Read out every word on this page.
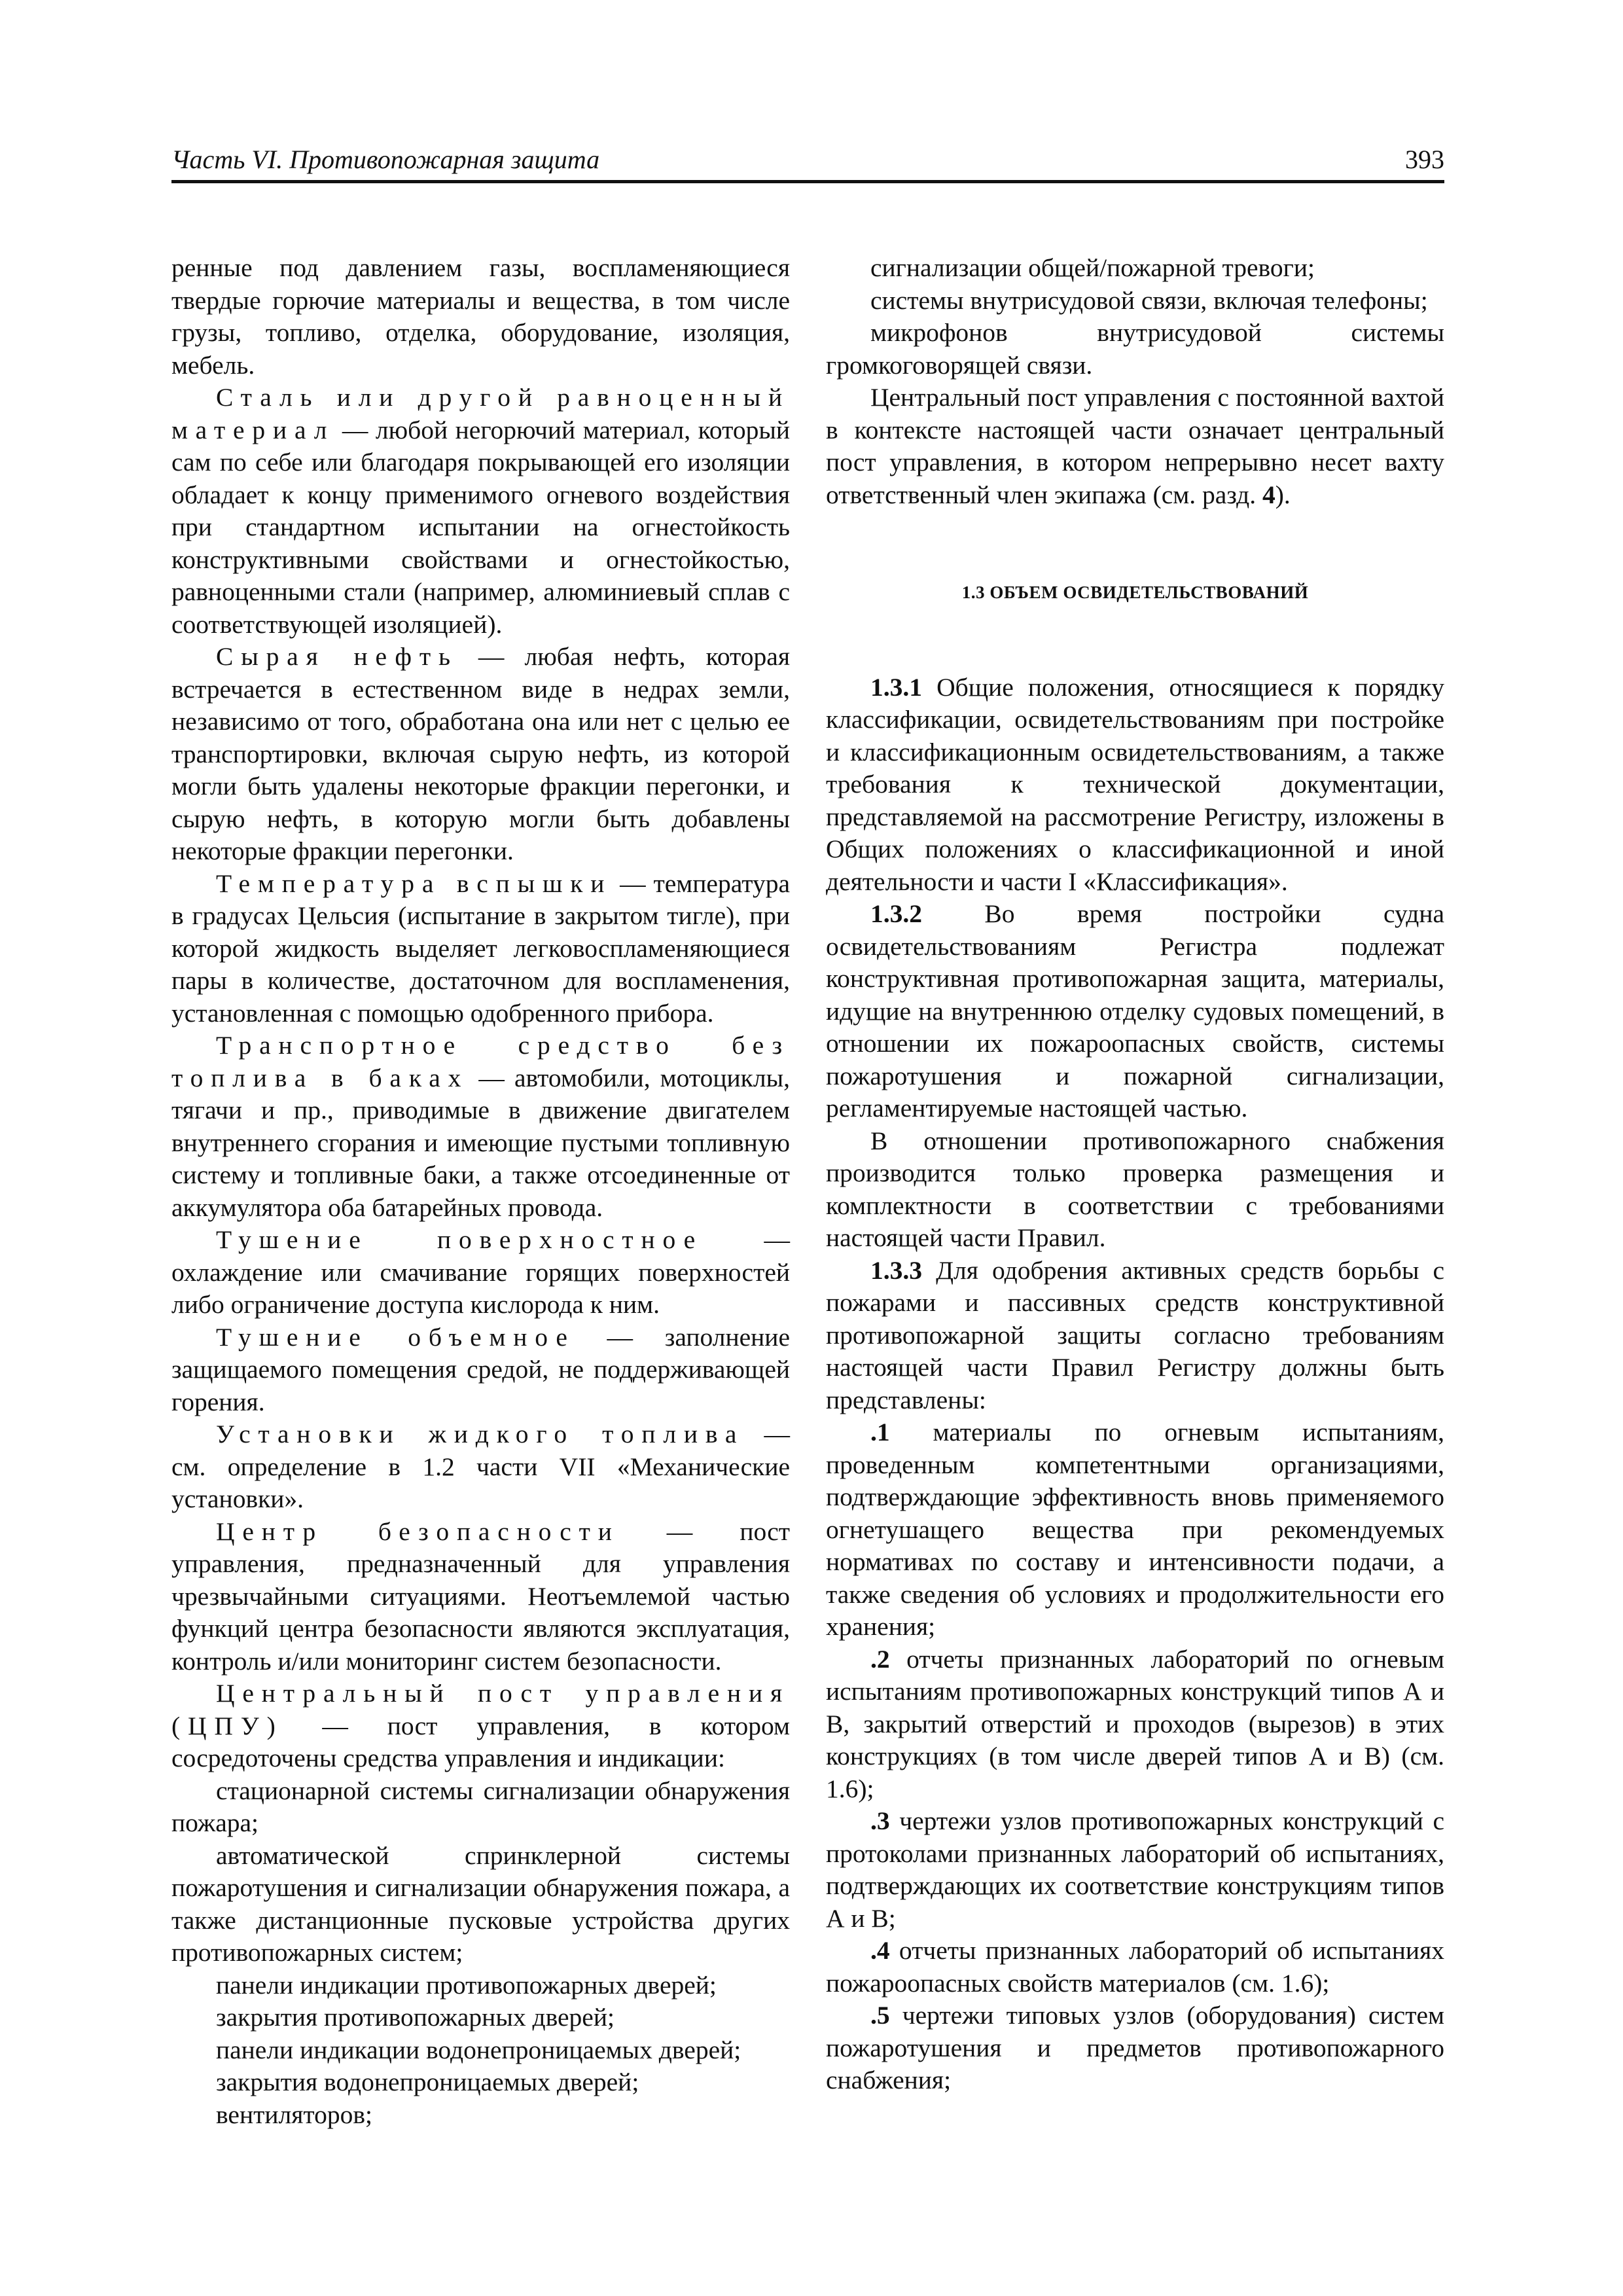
Часть VI. Противопожарная защита	393

ренные под давлением газы, воспламеняющиеся твердые горючие материалы и вещества, в том числе грузы, топливо, отделка, оборудование, изоляция, мебель.

Сталь или другой равноценный материал — любой негорючий материал, который сам по себе или благодаря покрывающей его изоляции обладает к концу применимого огневого воздействия при стандартном испытании на огнестойкость конструктивными свойствами и огнестойкостью, равноценными стали (например, алюминиевый сплав с соответствующей изоляцией).

Сырая нефть — любая нефть, которая встречается в естественном виде в недрах земли, независимо от того, обработана она или нет с целью ее транспортировки, включая сырую нефть, из которой могли быть удалены некоторые фракции перегонки, и сырую нефть, в которую могли быть добавлены некоторые фракции перегонки.

Температура вспышки — температура в градусах Цельсия (испытание в закрытом тигле), при которой жидкость выделяет легковоспламеняющиеся пары в количестве, достаточном для воспламенения, установленная с помощью одобренного прибора.

Транспортное средство без топлива в баках — автомобили, мотоциклы, тягачи и пр., приводимые в движение двигателем внутреннего сгорания и имеющие пустыми топливную систему и топливные баки, а также отсоединенные от аккумулятора оба батарейных провода.

Тушение поверхностное — охлаждение или смачивание горящих поверхностей либо ограничение доступа кислорода к ним.

Тушение объемное — заполнение защищаемого помещения средой, не поддерживающей горения.

Установки жидкого топлива — см. определение в 1.2 части VII «Механические установки».

Центр безопасности — пост управления, предназначенный для управления чрезвычайными ситуациями. Неотъемлемой частью функций центра безопасности являются эксплуатация, контроль и/или мониторинг систем безопасности.

Центральный пост управления (ЦПУ) — пост управления, в котором сосредоточены средства управления и индикации:

стационарной системы сигнализации обнаружения пожара;

автоматической спринклерной системы пожаротушения и сигнализации обнаружения пожара, а также дистанционные пусковые устройства других противопожарных систем;

панели индикации противопожарных дверей;

закрытия противопожарных дверей;

панели индикации водонепроницаемых дверей;

закрытия водонепроницаемых дверей;

вентиляторов;

сигнализации общей/пожарной тревоги;

системы внутрисудовой связи, включая телефоны;

микрофонов внутрисудовой системы громкоговорящей связи.

Центральный пост управления с постоянной вахтой в контексте настоящей части означает центральный пост управления, в котором непрерывно несет вахту ответственный член экипажа (см. разд. 4).

1.3 ОБЪЕМ ОСВИДЕТЕЛЬСТВОВАНИЙ

1.3.1 Общие положения, относящиеся к порядку классификации, освидетельствованиям при постройке и классификационным освидетельствованиям, а также требования к технической документации, представляемой на рассмотрение Регистру, изложены в Общих положениях о классификационной и иной деятельности и части I «Классификация».

1.3.2 Во время постройки судна освидетельствованиям Регистра подлежат конструктивная противопожарная защита, материалы, идущие на внутреннюю отделку судовых помещений, в отношении их пожароопасных свойств, системы пожаротушения и пожарной сигнализации, регламентируемые настоящей частью.

В отношении противопожарного снабжения производится только проверка размещения и комплектности в соответствии с требованиями настоящей части Правил.

1.3.3 Для одобрения активных средств борьбы с пожарами и пассивных средств конструктивной противопожарной защиты согласно требованиям настоящей части Правил Регистру должны быть представлены:

.1 материалы по огневым испытаниям, проведенным компетентными организациями, подтверждающие эффективность вновь применяемого огнетушащего вещества при рекомендуемых нормативах по составу и интенсивности подачи, а также сведения об условиях и продолжительности его хранения;

.2 отчеты признанных лабораторий по огневым испытаниям противопожарных конструкций типов А и В, закрытий отверстий и проходов (вырезов) в этих конструкциях (в том числе дверей типов А и В) (см. 1.6);

.3 чертежи узлов противопожарных конструкций с протоколами признанных лабораторий об испытаниях, подтверждающих их соответствие конструкциям типов А и В;

.4 отчеты признанных лабораторий об испытаниях пожароопасных свойств материалов (см. 1.6);

.5 чертежи типовых узлов (оборудования) систем пожаротушения и предметов противопожарного снабжения;
